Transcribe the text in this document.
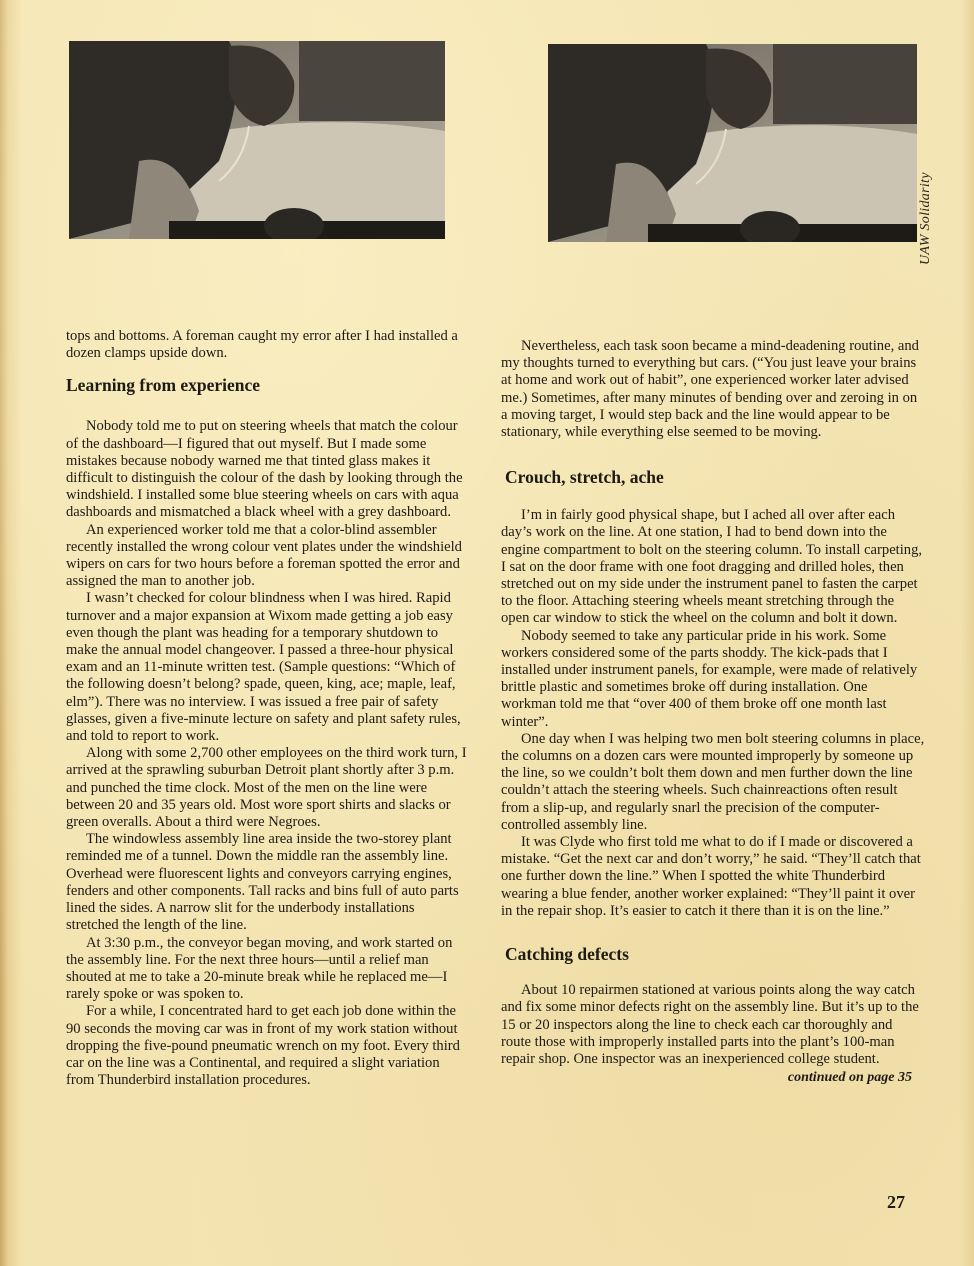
UAW Solidarity

tops and bottoms. A foreman caught my error after I had installed a dozen clamps upside down.

Learning from experience

Nobody told me to put on steering wheels that match the colour of the dashboard—I figured that out myself. But I made some mistakes because nobody warned me that tinted glass makes it difficult to distinguish the colour of the dash by looking through the windshield. I installed some blue steering wheels on cars with aqua dashboards and mismatched a black wheel with a grey dashboard.

An experienced worker told me that a color-blind assembler recently installed the wrong colour vent plates under the windshield wipers on cars for two hours before a foreman spotted the error and assigned the man to another job.

I wasn’t checked for colour blindness when I was hired. Rapid turnover and a major expansion at Wixom made getting a job easy even though the plant was heading for a temporary shutdown to make the annual model changeover. I passed a three-hour physical exam and an 11-minute written test. (Sample questions: “Which of the following doesn’t belong? spade, queen, king, ace; maple, leaf, elm”). There was no interview. I was issued a free pair of safety glasses, given a five-minute lecture on safety and plant safety rules, and told to report to work.

Along with some 2,700 other employees on the third work turn, I arrived at the sprawling suburban Detroit plant shortly after 3 p.m. and punched the time clock. Most of the men on the line were between 20 and 35 years old. Most wore sport shirts and slacks or green overalls. About a third were Negroes.

The windowless assembly line area inside the two-storey plant reminded me of a tunnel. Down the middle ran the assembly line. Overhead were fluorescent lights and conveyors carrying engines, fenders and other components. Tall racks and bins full of auto parts lined the sides. A narrow slit for the underbody installations stretched the length of the line.

At 3:30 p.m., the conveyor began moving, and work started on the assembly line. For the next three hours—until a relief man shouted at me to take a 20-minute break while he replaced me—I rarely spoke or was spoken to.

For a while, I concentrated hard to get each job done within the 90 seconds the moving car was in front of my work station without dropping the five-pound pneumatic wrench on my foot. Every third car on the line was a Continental, and required a slight variation from Thunderbird installation procedures.

Nevertheless, each task soon became a mind-deadening routine, and my thoughts turned to everything but cars. (“You just leave your brains at home and work out of habit”, one experienced worker later advised me.) Sometimes, after many minutes of bending over and zeroing in on a moving target, I would step back and the line would appear to be stationary, while everything else seemed to be moving.

Crouch, stretch, ache

I’m in fairly good physical shape, but I ached all over after each day’s work on the line. At one station, I had to bend down into the engine compartment to bolt on the steering column. To install carpeting, I sat on the door frame with one foot dragging and drilled holes, then stretched out on my side under the instrument panel to fasten the carpet to the floor. Attaching steering wheels meant stretching through the open car window to stick the wheel on the column and bolt it down.

Nobody seemed to take any particular pride in his work. Some workers considered some of the parts shoddy. The kick-pads that I installed under instrument panels, for example, were made of relatively brittle plastic and sometimes broke off during installation. One workman told me that “over 400 of them broke off one month last winter”.

One day when I was helping two men bolt steering columns in place, the columns on a dozen cars were mounted improperly by someone up the line, so we couldn’t bolt them down and men further down the line couldn’t attach the steering wheels. Such chainreactions often result from a slip-up, and regularly snarl the precision of the computer-controlled assembly line.

It was Clyde who first told me what to do if I made or discovered a mistake. “Get the next car and don’t worry,” he said. “They’ll catch that one further down the line.” When I spotted the white Thunderbird wearing a blue fender, another worker explained: “They’ll paint it over in the repair shop. It’s easier to catch it there than it is on the line.”

Catching defects

About 10 repairmen stationed at various points along the way catch and fix some minor defects right on the assembly line. But it’s up to the 15 or 20 inspectors along the line to check each car thoroughly and route those with improperly installed parts into the plant’s 100-man repair shop. One inspector was an inexperienced college student.

continued on page 35
27
